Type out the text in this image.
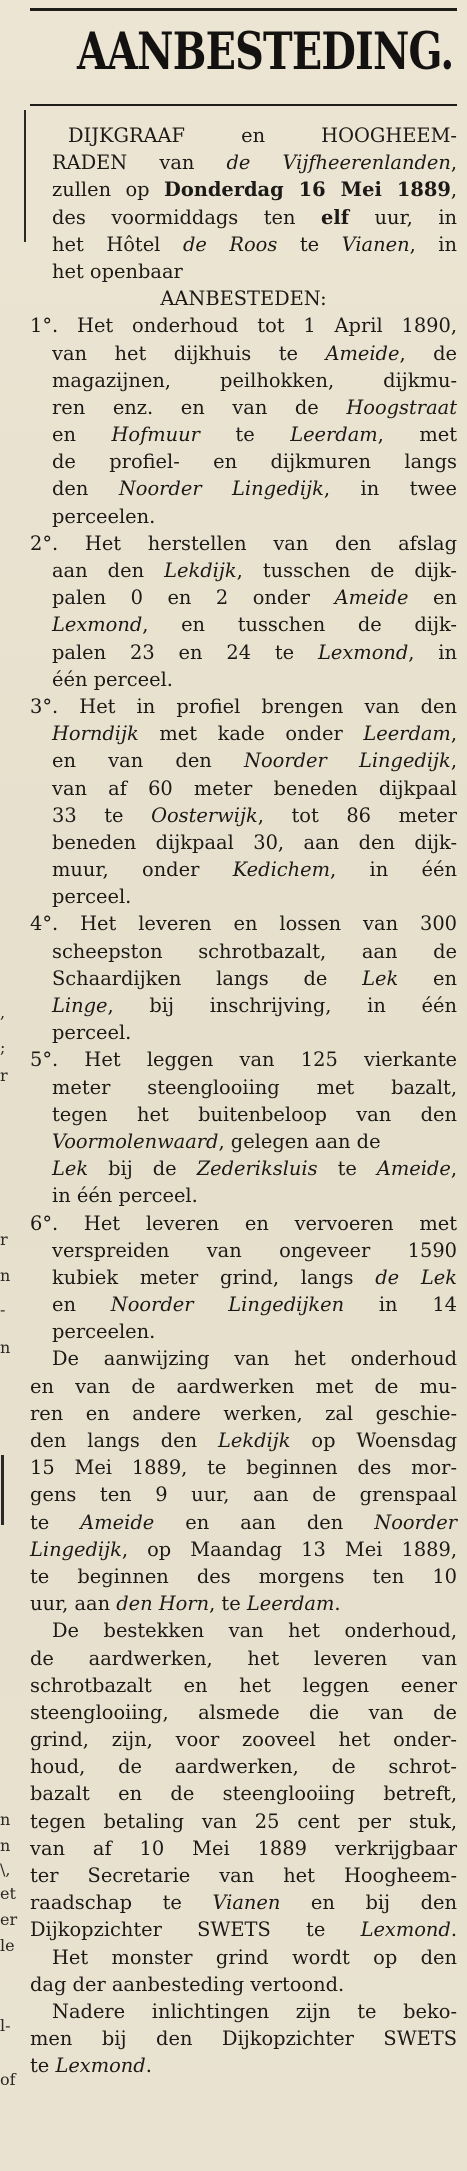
,
;
r
r
n
-
n
n
n
\,
et
er
le
l-
of
AANBESTEDING.
DIJKGRAAF en HOOGHEEM-
RADEN van de Vijfheerenlanden,
zullen op Donderdag 16 Mei 1889,
des voormiddags ten elf uur, in
het Hôtel de Roos te Vianen, in
het openbaar
AANBESTEDEN:
1°. Het onderhoud tot 1 April 1890,
van het dijkhuis te Ameide, de
magazijnen, peilhokken, dijkmu-
ren enz. en van de Hoogstraat
en Hofmuur te Leerdam, met
de profiel- en dijkmuren langs
den Noorder Lingedijk, in twee
perceelen.
2°. Het herstellen van den afslag
aan den Lekdijk, tusschen de dijk-
palen 0 en 2 onder Ameide en
Lexmond, en tusschen de dijk-
palen 23 en 24 te Lexmond, in
één perceel.
3°. Het in profiel brengen van den
Horndijk met kade onder Leerdam,
en van den Noorder Lingedijk,
van af 60 meter beneden dijkpaal
33 te Oosterwijk, tot 86 meter
beneden dijkpaal 30, aan den dijk-
muur, onder Kedichem, in één
perceel.
4°. Het leveren en lossen van 300
scheepston schrotbazalt, aan de
Schaardijken langs de Lek en
Linge, bij inschrijving, in één
perceel.
5°. Het leggen van 125 vierkante
meter steenglooiing met bazalt,
tegen het buitenbeloop van den
Voormolenwaard, gelegen aan de
Lek bij de Zederiksluis te Ameide,
in één perceel.
6°. Het leveren en vervoeren met
verspreiden van ongeveer 1590
kubiek meter grind, langs de Lek
en Noorder Lingedijken in 14
perceelen.
De aanwijzing van het onderhoud
en van de aardwerken met de mu-
ren en andere werken, zal geschie-
den langs den Lekdijk op Woensdag
15 Mei 1889, te beginnen des mor-
gens ten 9 uur, aan de grenspaal
te Ameide en aan den Noorder
Lingedijk, op Maandag 13 Mei 1889,
te beginnen des morgens ten 10
uur, aan den Horn, te Leerdam.
De bestekken van het onderhoud,
de aardwerken, het leveren van
schrotbazalt en het leggen eener
steenglooiing, alsmede die van de
grind, zijn, voor zooveel het onder-
houd, de aardwerken, de schrot-
bazalt en de steenglooiing betreft,
tegen betaling van 25 cent per stuk,
van af 10 Mei 1889 verkrijgbaar
ter Secretarie van het Hoogheem-
raadschap te Vianen en bij den
Dijkopzichter SWETS te Lexmond.
Het monster grind wordt op den
dag der aanbesteding vertoond.
Nadere inlichtingen zijn te beko-
men bij den Dijkopzichter SWETS
te Lexmond.
